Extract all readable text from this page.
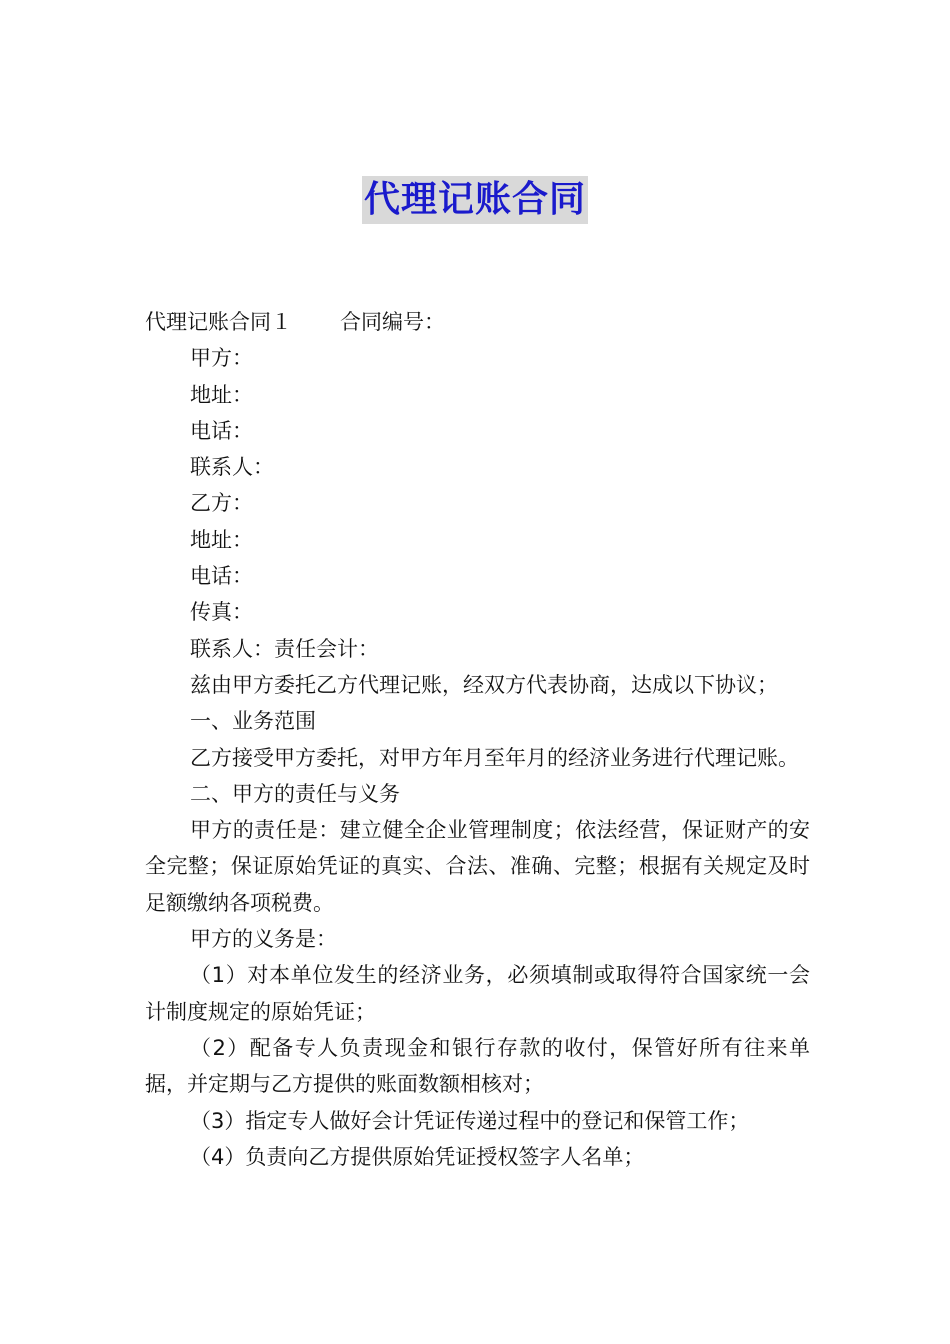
代理记账合同
代理记账合同１ 合同编号：
甲方：
地址：
电话：
联系人：
乙方：
地址：
电话：
传真：
联系人：责任会计：
兹由甲方委托乙方代理记账，经双方代表协商，达成以下协议；
一、业务范围
乙方接受甲方委托，对甲方年月至年月的经济业务进行代理记账。
二、甲方的责任与义务
甲方的责任是：建立健全企业管理制度；依法经营，保证财产的安全完整；保证原始凭证的真实、合法、准确、完整；根据有关规定及时足额缴纳各项税费。
甲方的义务是：
（1）对本单位发生的经济业务，必须填制或取得符合国家统一会计制度规定的原始凭证；
（2）配备专人负责现金和银行存款的收付，保管好所有往来单据，并定期与乙方提供的账面数额相核对；
（3）指定专人做好会计凭证传递过程中的登记和保管工作；
（4）负责向乙方提供原始凭证授权签字人名单；
